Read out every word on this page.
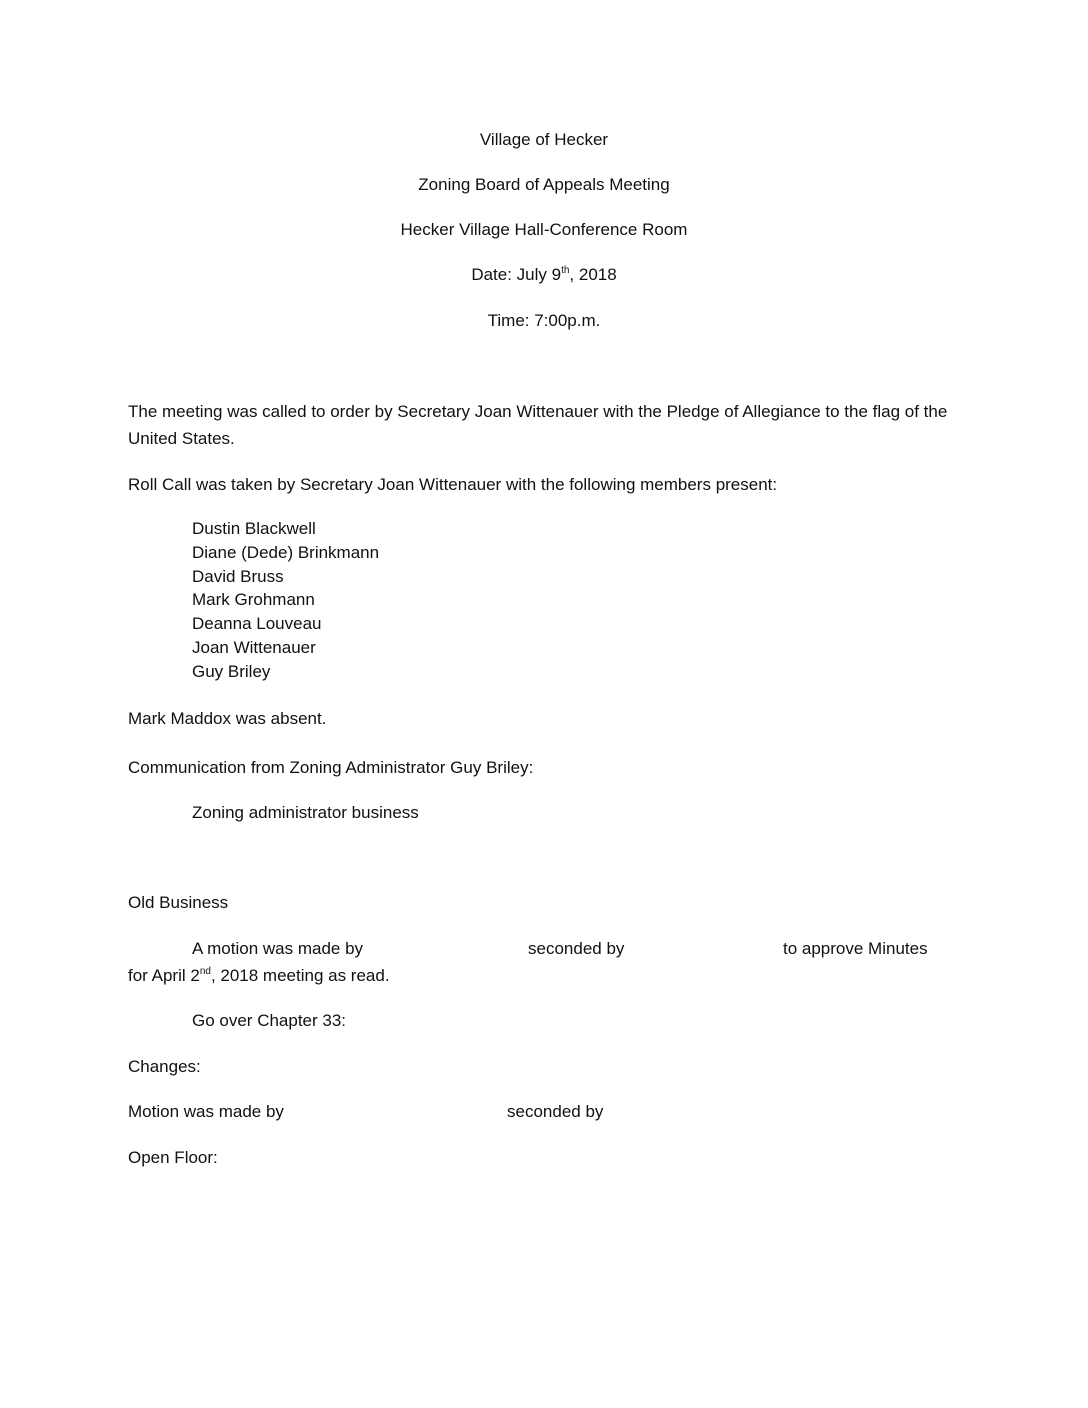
Village of Hecker
Zoning Board of Appeals Meeting
Hecker Village Hall-Conference Room
Date: July 9th, 2018
Time: 7:00p.m.
The meeting was called to order by Secretary Joan Wittenauer with the Pledge of Allegiance to the flag of the United States.
Roll Call was taken by Secretary Joan Wittenauer with the following members present:
Dustin Blackwell
Diane (Dede) Brinkmann
David Bruss
Mark Grohmann
Deanna Louveau
Joan Wittenauer
Guy Briley
Mark Maddox was absent.
Communication from Zoning Administrator Guy Briley:
Zoning administrator business
Old Business
A motion was made by	seconded by	to approve Minutes
for April 2nd, 2018 meeting as read.
Go over Chapter 33:
Changes:
Motion was made by	seconded by
Open Floor:
